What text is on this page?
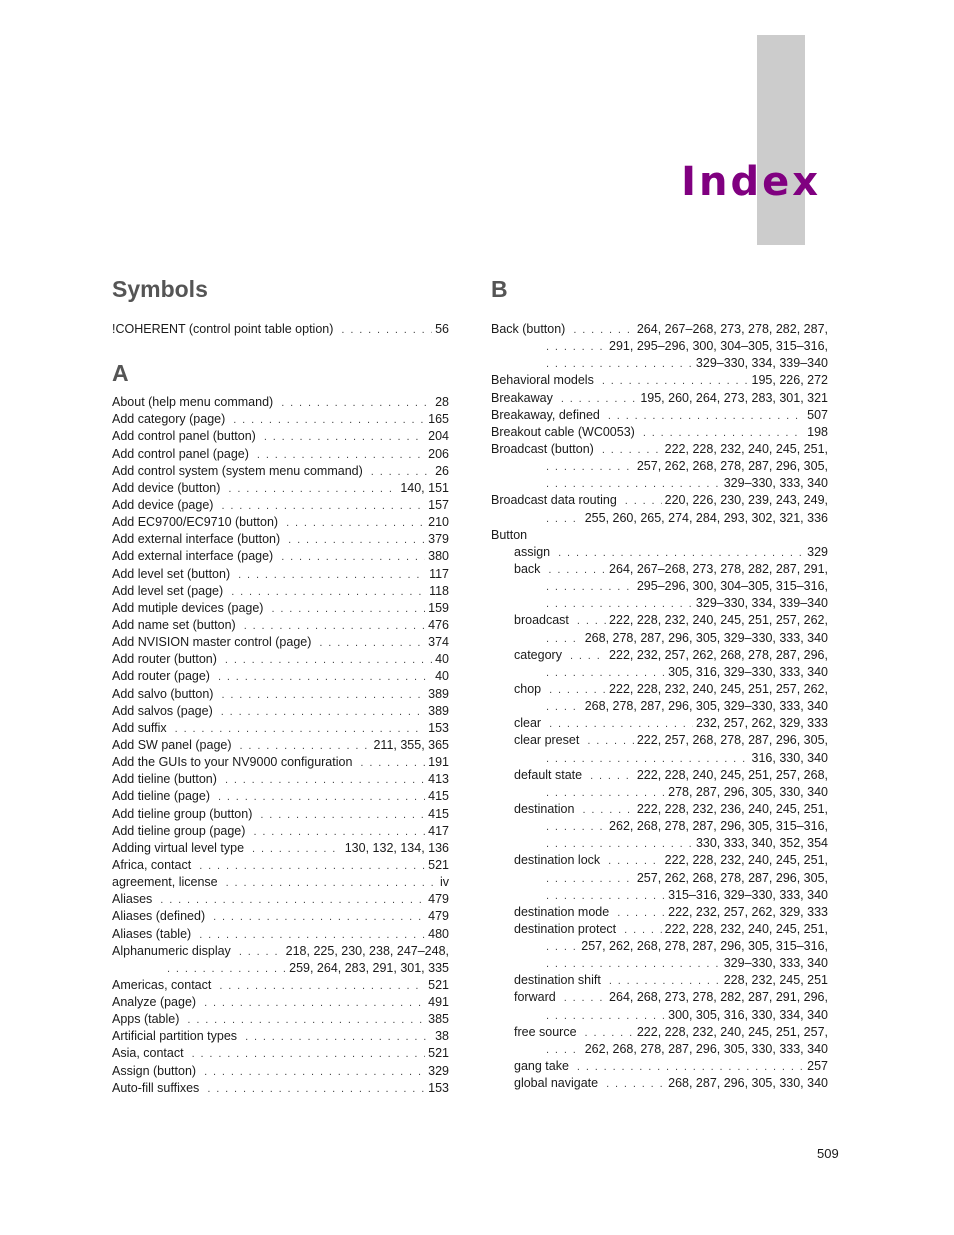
Index
Symbols
!COHERENT (control point table option) . . .	56
A
About (help menu command) . . .	28
Add category (page) . . .	165
Add control panel (button) . . .	204
Add control panel (page) . . .	206
Add control system (system menu command) . . .	26
Add device (button) . . .	140, 151
Add device (page) . . .	157
Add EC9700/EC9710 (button) . . .	210
Add external interface (button) . . .	379
Add external interface (page) . . .	380
Add level set (button) . . .	117
Add level set (page) . . .	118
Add mutiple devices (page) . . .	159
Add name set (button) . . .	476
Add NVISION master control (page) . . .	374
Add router (button) . . .	40
Add router (page) . . .	40
Add salvo (button) . . .	389
Add salvos (page) . . .	389
Add suffix . . .	153
Add SW panel (page) . . .	211, 355, 365
Add the GUIs to your NV9000 configuration . . .	191
Add tieline (button) . . .	413
Add tieline (page) . . .	415
Add tieline group (button) . . .	415
Add tieline group (page) . . .	417
Adding virtual level type . . .	130, 132, 134, 136
Africa, contact . . .	521
agreement, license . . .	iv
Aliases . . .	479
Aliases (defined) . . .	479
Aliases (table) . . .	480
Alphanumeric display . . .	218, 225, 230, 238, 247–248,
. . .
259, 264, 283, 291, 301, 335
Americas, contact . . .	521
Analyze (page) . . .	491
Apps (table) . . .	385
Artificial partition types . . .	38
Asia, contact . . .	521
Assign (button) . . .	329
Auto-fill suffixes . . .	153
B
Back (button) . . .	264, 267–268, 273, 278, 282, 287,
. . .
291, 295–296, 300, 304–305, 315–316,
. . .
329–330, 334, 339–340
Behavioral models . . .	195, 226, 272
Breakaway . . .	195, 260, 264, 273, 283, 301, 321
Breakaway, defined . . .	507
Breakout cable (WC0053) . . .	198
Broadcast (button) . . .	222, 228, 232, 240, 245, 251,
. . .
257, 262, 268, 278, 287, 296, 305,
. . .
329–330, 333, 340
Broadcast data routing . . .	220, 226, 230, 239, 243, 249,
. . .
255, 260, 265, 274, 284, 293, 302, 321, 336
Button
assign . . .	329
back . . .	264, 267–268, 273, 278, 282, 287, 291,
. . .
295–296, 300, 304–305, 315–316,
. . .
329–330, 334, 339–340
broadcast . . .	222, 228, 232, 240, 245, 251, 257, 262,
. . .
268, 278, 287, 296, 305, 329–330, 333, 340
category . . .	222, 232, 257, 262, 268, 278, 287, 296,
. . .
305, 316, 329–330, 333, 340
chop . . .	222, 228, 232, 240, 245, 251, 257, 262,
. . .
268, 278, 287, 296, 305, 329–330, 333, 340
clear . . .	232, 257, 262, 329, 333
clear preset . . .	222, 257, 268, 278, 287, 296, 305,
. . .
316, 330, 340
default state . . .	222, 228, 240, 245, 251, 257, 268,
. . .
278, 287, 296, 305, 330, 340
destination . . .	222, 228, 232, 236, 240, 245, 251,
. . .
262, 268, 278, 287, 296, 305, 315–316,
. . .
330, 333, 340, 352, 354
destination lock . . .	222, 228, 232, 240, 245, 251,
. . .
257, 262, 268, 278, 287, 296, 305,
. . .
315–316, 329–330, 333, 340
destination mode . . .	222, 232, 257, 262, 329, 333
destination protect . . .	222, 228, 232, 240, 245, 251,
. . .
257, 262, 268, 278, 287, 296, 305, 315–316,
. . .
329–330, 333, 340
destination shift . . .	228, 232, 245, 251
forward . . .	264, 268, 273, 278, 282, 287, 291, 296,
. . .
300, 305, 316, 330, 334, 340
free source . . .	222, 228, 232, 240, 245, 251, 257,
. . .
262, 268, 278, 287, 296, 305, 330, 333, 340
gang take . . .	257
global navigate . . .	268, 287, 296, 305, 330, 340
509
